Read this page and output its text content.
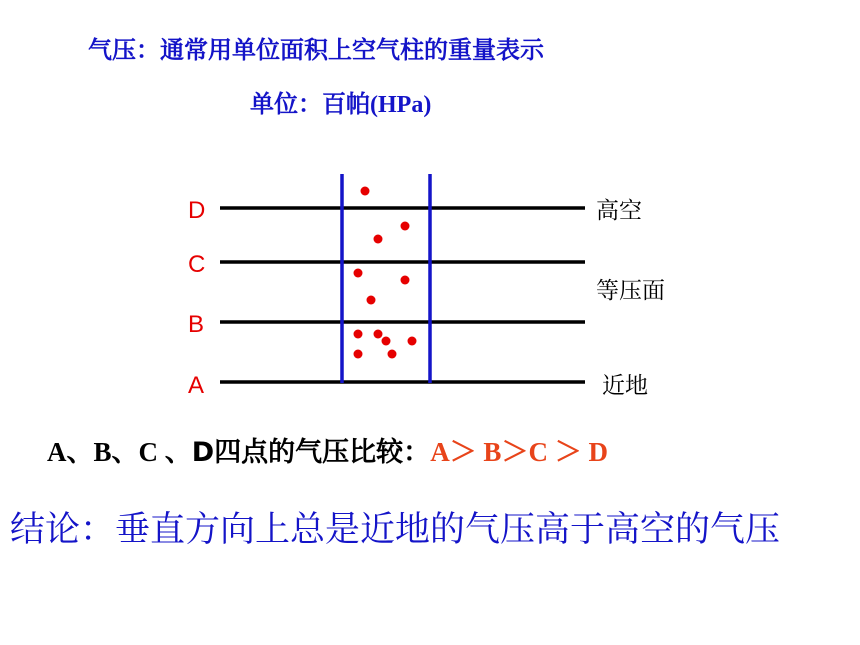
气压：通常用单位面积上空气柱的重量表示
单位：百帕(HPa)
D
C
B
A
高空
等压面
近地
A、B、C 、D四点的气压比较：A＞ B＞C ＞ D
结论：垂直方向上总是近地的气压高于高空的气压
